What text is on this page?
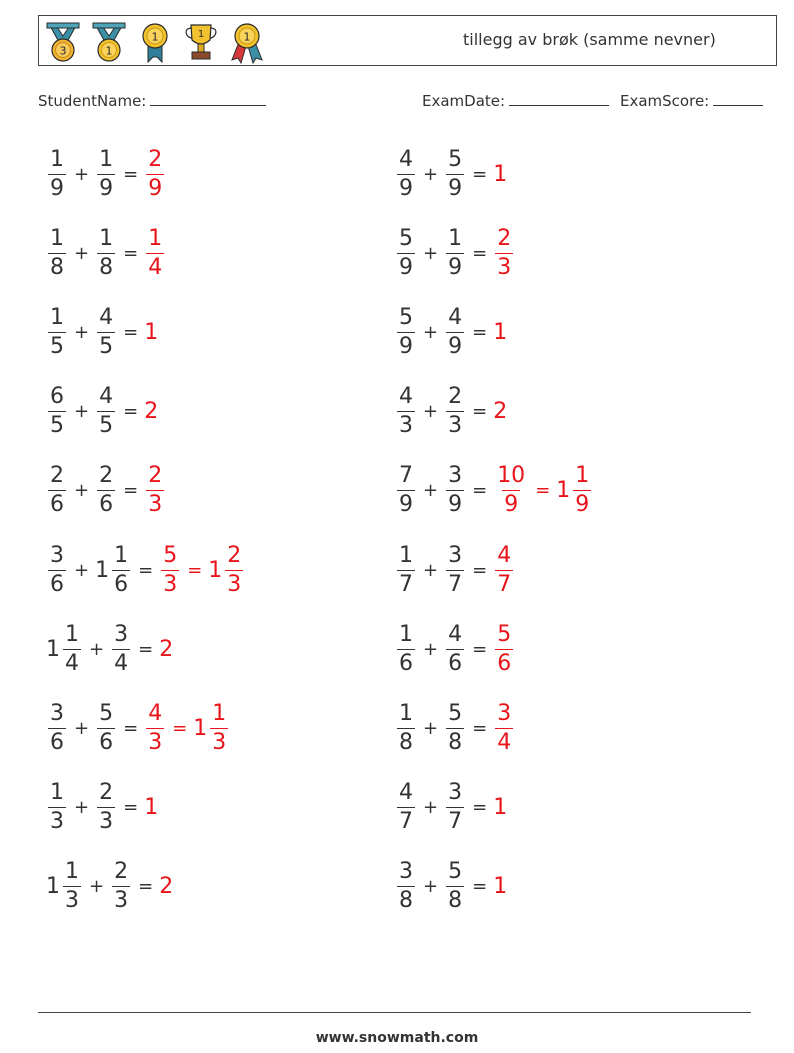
3	1
1	1	1	tillegg av brøk (samme nevner)
StudentName:	ExamDate:	ExamScore:
$\frac{1}{9} + \frac{1}{9} = \frac{2}{9}$	$\frac{4}{9} + \frac{5}{9} = 1$
$\frac{1}{8} + \frac{1}{8} = \frac{1}{4}$	$\frac{5}{9} + \frac{1}{9} = \frac{2}{3}$
$\frac{1}{5} + \frac{4}{5} = 1$	$\frac{5}{9} + \frac{4}{9} = 1$
$\frac{6}{5} + \frac{4}{5} = 2$	$\frac{4}{3} + \frac{2}{3} = 2$
$\frac{2}{6} + \frac{2}{6} = \frac{2}{3}$	$\frac{7}{9} + \frac{3}{9} = \frac{10}{9} = 1 \frac{1}{9}$
$\frac{3}{6} + 1 \frac{1}{6} = \frac{5}{3} = 1 \frac{2}{3}$	$\frac{1}{7} + \frac{3}{7} = \frac{4}{7}$
$1 \frac{1}{4} + \frac{3}{4} = 2$	$\frac{1}{6} + \frac{4}{6} = \frac{5}{6}$
$\frac{3}{6} + \frac{5}{6} = \frac{4}{3} = 1 \frac{1}{3}$	$\frac{1}{8} + \frac{5}{8} = \frac{3}{4}$
$\frac{1}{3} + \frac{2}{3} = 1$	$\frac{4}{7} + \frac{3}{7} = 1$
$1 \frac{1}{3} + \frac{2}{3} = 2$	$\frac{3}{8} + \frac{5}{8} = 1$
www.snowmath.com
